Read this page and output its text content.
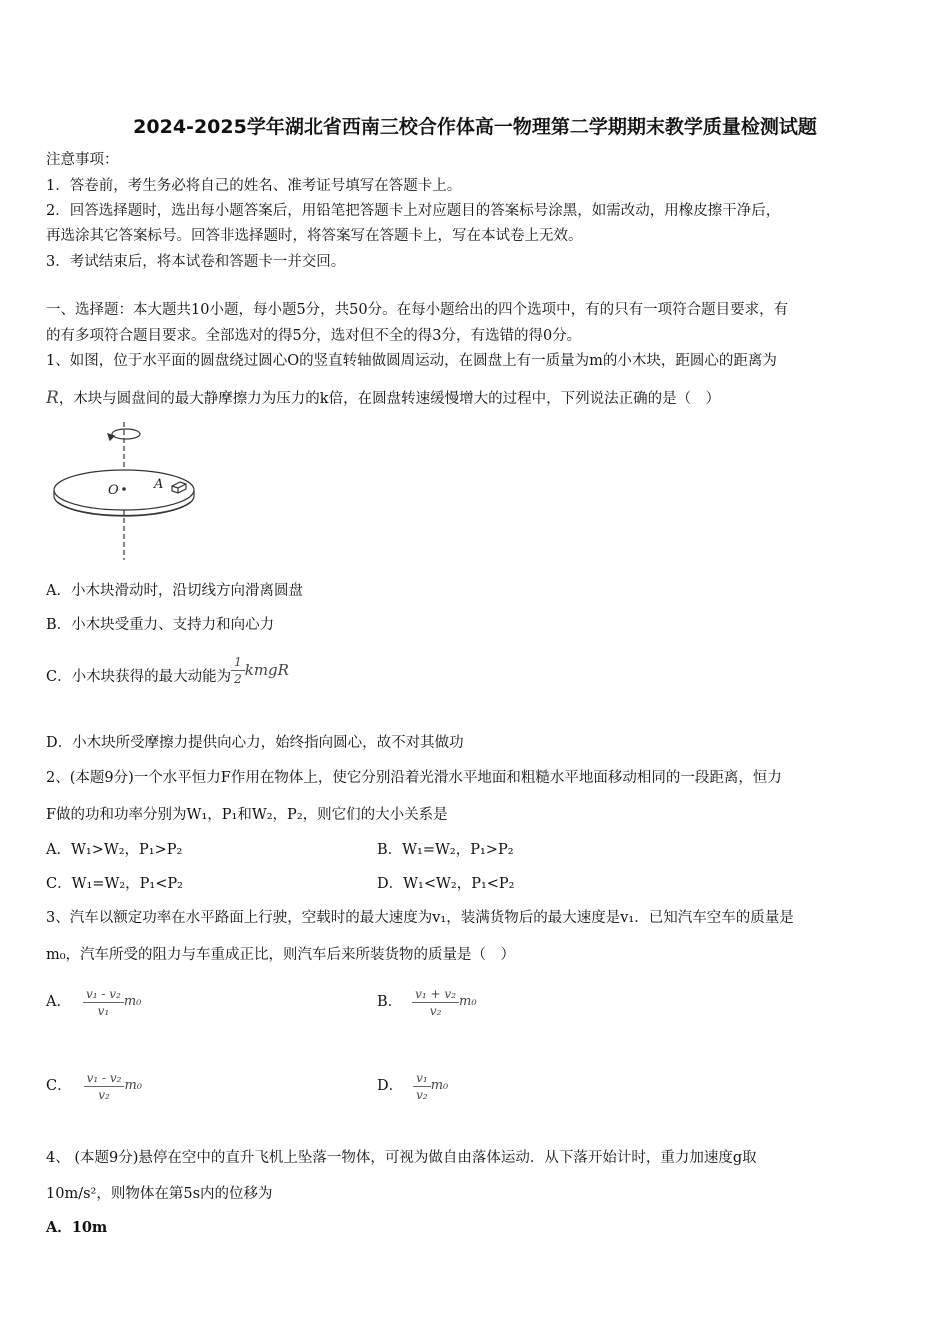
2024-2025学年湖北省西南三校合作体高一物理第二学期期末教学质量检测试题
注意事项：
1．答卷前，考生务必将自己的姓名、准考证号填写在答题卡上。
2．回答选择题时，选出每小题答案后，用铅笔把答题卡上对应题目的答案标号涂黑，如需改动，用橡皮擦干净后，
再选涂其它答案标号。回答非选择题时，将答案写在答题卡上，写在本试卷上无效。
3．考试结束后，将本试卷和答题卡一并交回。
一、选择题：本大题共10小题，每小题5分，共50分。在每小题给出的四个选项中，有的只有一项符合题目要求，有
的有多项符合题目要求。全部选对的得5分，选对但不全的得3分，有选错的得0分。
1、如图，位于水平面的圆盘绕过圆心O的竖直转轴做圆周运动，在圆盘上有一质量为m的小木块，距圆心的距离为
R，木块与圆盘间的最大静摩擦力为压力的k倍，在圆盘转速缓慢增大的过程中，下列说法正确的是（　）
O	A
A．小木块滑动时，沿切线方向滑离圆盘
B．小木块受重力、支持力和向心力
C．小木块获得的最大动能为 $\frac{1}{2}$ kmgR
D．小木块所受摩擦力提供向心力，始终指向圆心，故不对其做功
2、(本题9分)一个水平恒力F作用在物体上，使它分别沿着光滑水平地面和粗糙水平地面移动相同的一段距离，恒力
F做的功和功率分别为W₁，P₁和W₂，P₂，则它们的大小关系是
A．W₁>W₂，P₁>P₂	B．W₁=W₂，P₁>P₂
C．W₁=W₂，P₁<P₂	D．W₁<W₂，P₁<P₂
3、汽车以额定功率在水平路面上行驶，空载时的最大速度为v₁，装满货物后的最大速度是v₁．已知汽车空车的质量是
m₀，汽车所受的阻力与车重成正比，则汽车后来所装货物的质量是（　）
A． $\frac{\text{v₁ - v₂}}{\text{v₁}} m_0$	B． $\frac{\text{v₁ + v₂}}{\text{v₂}} m_0$
C． $\frac{\text{v₁ - v₂}}{\text{v₂}} m_0$	D． $\frac{\text{v₁}}{\text{v₂}} m_0$
4、 (本题9分)悬停在空中的直升飞机上坠落一物体，可视为做自由落体运动．从下落开始计时，重力加速度g取
10m/s²，则物体在第5s内的位移为
A．10m
